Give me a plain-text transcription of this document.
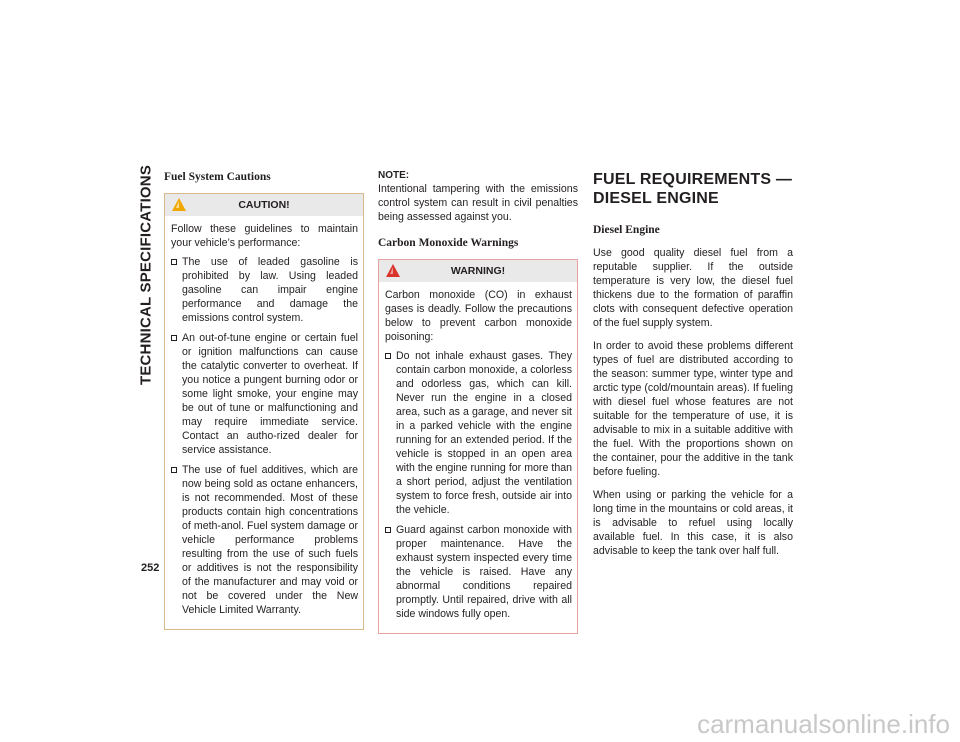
TECHNICAL SPECIFICATIONS
252
Fuel System Cautions
CAUTION!

Follow these guidelines to maintain your vehicle’s performance:

The use of leaded gasoline is prohibited by law. Using leaded gasoline can impair engine performance and damage the emissions control system.
An out-of-tune engine or certain fuel or ignition malfunctions can cause the catalytic converter to overheat. If you notice a pungent burning odor or some light smoke, your engine may be out of tune or malfunctioning and may require immediate service. Contact an autho-rized dealer for service assistance.
The use of fuel additives, which are now being sold as octane enhancers, is not recommended. Most of these products contain high concentrations of meth-anol. Fuel system damage or vehicle performance problems resulting from the use of such fuels or additives is not the responsibility of the manufacturer and may void or not be covered under the New Vehicle Limited Warranty.
NOTE:

Intentional tampering with the emissions control system can result in civil penalties being assessed against you.

Carbon Monoxide Warnings
WARNING!

Carbon monoxide (CO) in exhaust gases is deadly. Follow the precautions below to prevent carbon monoxide poisoning:

Do not inhale exhaust gases. They contain carbon monoxide, a colorless and odorless gas, which can kill. Never run the engine in a closed area, such as a garage, and never sit in a parked vehicle with the engine running for an extended period. If the vehicle is stopped in an open area with the engine running for more than a short period, adjust the ventilation system to force fresh, outside air into the vehicle.
Guard against carbon monoxide with proper maintenance. Have the exhaust system inspected every time the vehicle is raised. Have any abnormal conditions repaired promptly. Until repaired, drive with all side windows fully open.
FUEL REQUIREMENTS —
DIESEL ENGINE
Diesel Engine

Use good quality diesel fuel from a reputable supplier. If the outside temperature is very low, the diesel fuel thickens due to the formation of paraffin clots with consequent defective operation of the fuel supply system.

In order to avoid these problems different types of fuel are distributed according to the season: summer type, winter type and arctic type (cold/mountain areas). If fueling with diesel fuel whose features are not suitable for the temperature of use, it is advisable to mix in a suitable additive with the fuel. With the proportions shown on the container, pour the additive in the tank before fueling.

When using or parking the vehicle for a long time in the mountains or cold areas, it is advisable to refuel using locally available fuel. In this case, it is also advisable to keep the tank over half full.

carmanualsonline.info
